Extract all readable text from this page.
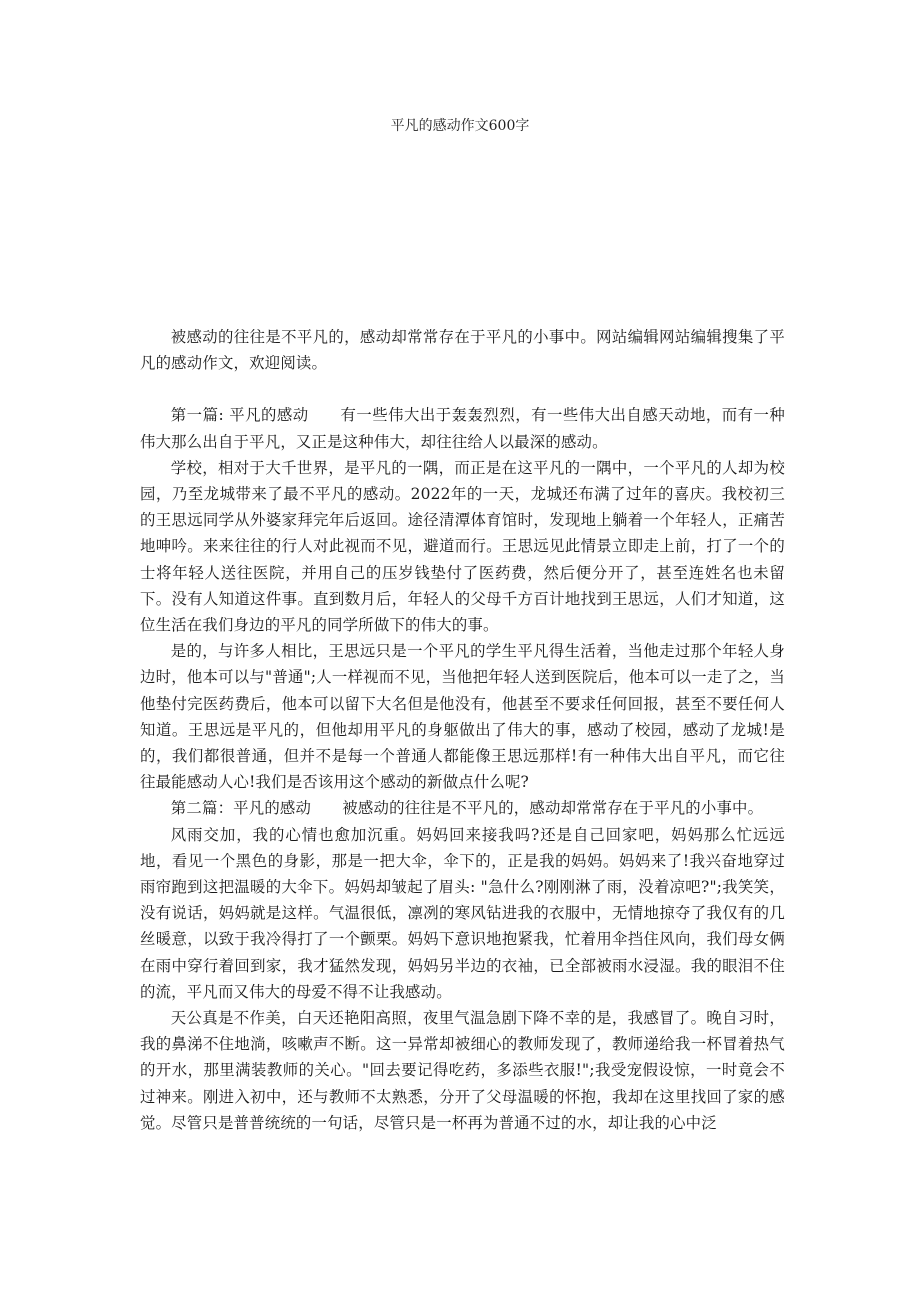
平凡的感动作文600字

被感动的往往是不平凡的，感动却常常存在于平凡的小事中。网站编辑网站编辑搜集了平凡的感动作文，欢迎阅读。

第一篇: 平凡的感动　　有一些伟大出于轰轰烈烈，有一些伟大出自感天动地，而有一种伟大那么出自于平凡，又正是这种伟大，却往往给人以最深的感动。

学校，相对于大千世界，是平凡的一隅，而正是在这平凡的一隅中，一个平凡的人却为校园，乃至龙城带来了最不平凡的感动。2022年的一天，龙城还布满了过年的喜庆。我校初三的王思远同学从外婆家拜完年后返回。途径清潭体育馆时，发现地上躺着一个年轻人，正痛苦地呻吟。来来往往的行人对此视而不见，避道而行。王思远见此情景立即走上前，打了一个的士将年轻人送往医院，并用自己的压岁钱垫付了医药费，然后便分开了，甚至连姓名也未留下。没有人知道这件事。直到数月后，年轻人的父母千方百计地找到王思远，人们才知道，这位生活在我们身边的平凡的同学所做下的伟大的事。

是的，与许多人相比，王思远只是一个平凡的学生平凡得生活着，当他走过那个年轻人身边时，他本可以与"普通";人一样视而不见，当他把年轻人送到医院后，他本可以一走了之，当他垫付完医药费后，他本可以留下大名但是他没有，他甚至不要求任何回报，甚至不要任何人知道。王思远是平凡的，但他却用平凡的身躯做出了伟大的事，感动了校园，感动了龙城!是的，我们都很普通，但并不是每一个普通人都能像王思远那样!有一种伟大出自平凡，而它往往最能感动人心!我们是否该用这个感动的新做点什么呢?

第二篇：平凡的感动　　被感动的往往是不平凡的，感动却常常存在于平凡的小事中。

风雨交加，我的心情也愈加沉重。妈妈回来接我吗?还是自己回家吧，妈妈那么忙远远地，看见一个黑色的身影，那是一把大伞，伞下的，正是我的妈妈。妈妈来了!我兴奋地穿过雨帘跑到这把温暖的大伞下。妈妈却皱起了眉头: "急什么?刚刚淋了雨，没着凉吧?";我笑笑，没有说话，妈妈就是这样。气温很低，凛冽的寒风钻进我的衣服中，无情地掠夺了我仅有的几丝暖意，以致于我冷得打了一个颤栗。妈妈下意识地抱紧我，忙着用伞挡住风向，我们母女俩在雨中穿行着回到家，我才猛然发现，妈妈另半边的衣袖，已全部被雨水浸湿。我的眼泪不住的流，平凡而又伟大的母爱不得不让我感动。

天公真是不作美，白天还艳阳高照，夜里气温急剧下降不幸的是，我感冒了。晚自习时，我的鼻涕不住地淌，咳嗽声不断。这一异常却被细心的教师发现了，教师递给我一杯冒着热气的开水，那里满装教师的关心。"回去要记得吃药，多添些衣服!";我受宠假设惊，一时竟会不过神来。刚进入初中，还与教师不太熟悉，分开了父母温暖的怀抱，我却在这里找回了家的感觉。尽管只是普普统统的一句话，尽管只是一杯再为普通不过的水，却让我的心中泛
